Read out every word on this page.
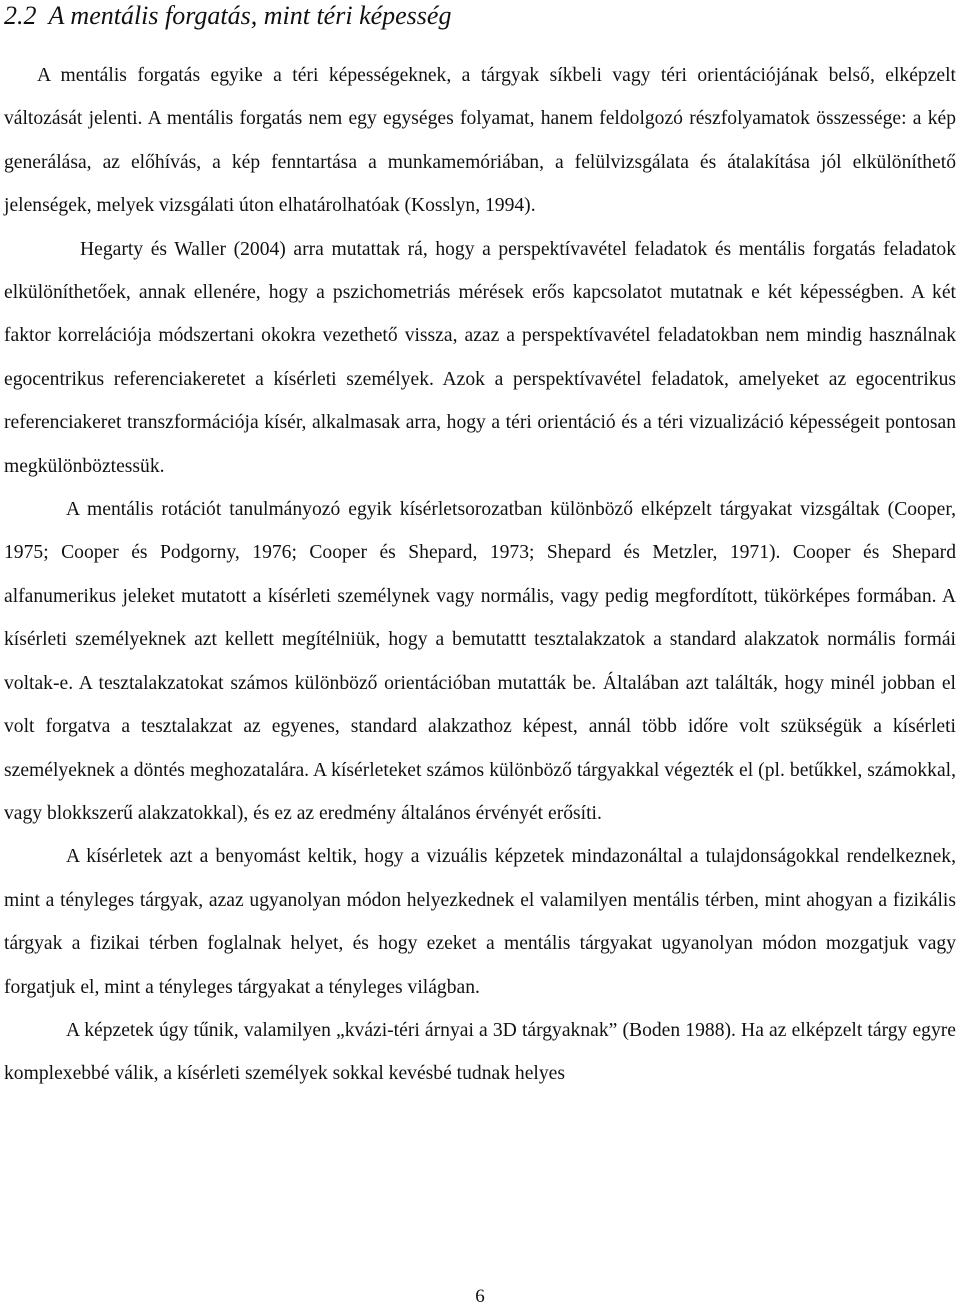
2.2 A mentális forgatás, mint téri képesség

A mentális forgatás egyike a téri képességeknek, a tárgyak síkbeli vagy téri orientációjának belső, elképzelt változását jelenti. A mentális forgatás nem egy egységes folyamat, hanem feldolgozó részfolyamatok összessége: a kép generálása, az előhívás, a kép fenntartása a munkamemóriában, a felülvizsgálata és átalakítása jól elkülöníthető jelenségek, melyek vizsgálati úton elhatárolhatóak (Kosslyn, 1994).

Hegarty és Waller (2004) arra mutattak rá, hogy a perspektívavétel feladatok és mentális forgatás feladatok elkülöníthetőek, annak ellenére, hogy a pszichometriás mérések erős kapcsolatot mutatnak e két képességben. A két faktor korrelációja módszertani okokra vezethető vissza, azaz a perspektívavétel feladatokban nem mindig használnak egocentrikus referenciakeretet a kísérleti személyek. Azok a perspektívavétel feladatok, amelyeket az egocentrikus referenciakeret transzformációja kísér, alkalmasak arra, hogy a téri orientáció és a téri vizualizáció képességeit pontosan megkülönböztessük.

A mentális rotációt tanulmányozó egyik kísérletsorozatban különböző elképzelt tárgyakat vizsgáltak (Cooper, 1975; Cooper és Podgorny, 1976; Cooper és Shepard, 1973; Shepard és Metzler, 1971). Cooper és Shepard alfanumerikus jeleket mutatott a kísérleti személynek vagy normális, vagy pedig megfordított, tükörképes formában. A kísérleti személyeknek azt kellett megítélniük, hogy a bemutattt tesztalakzatok a standard alakzatok normális formái voltak-e. A tesztalakzatokat számos különböző orientációban mutatták be. Általában azt találták, hogy minél jobban el volt forgatva a tesztalakzat az egyenes, standard alakzathoz képest, annál több időre volt szükségük a kísérleti személyeknek a döntés meghozatalára. A kísérleteket számos különböző tárgyakkal végezték el (pl. betűkkel, számokkal, vagy blokkszerű alakzatokkal), és ez az eredmény általános érvényét erősíti.

A kísérletek azt a benyomást keltik, hogy a vizuális képzetek mindazonáltal a tulajdonságokkal rendelkeznek, mint a tényleges tárgyak, azaz ugyanolyan módon helyezkednek el valamilyen mentális térben, mint ahogyan a fizikális tárgyak a fizikai térben foglalnak helyet, és hogy ezeket a mentális tárgyakat ugyanolyan módon mozgatjuk vagy forgatjuk el, mint a tényleges tárgyakat a tényleges világban.

A képzetek úgy tűnik, valamilyen „kvázi-téri árnyai a 3D tárgyaknak” (Boden 1988). Ha az elképzelt tárgy egyre komplexebbé válik, a kísérleti személyek sokkal kevésbé tudnak helyes

6
